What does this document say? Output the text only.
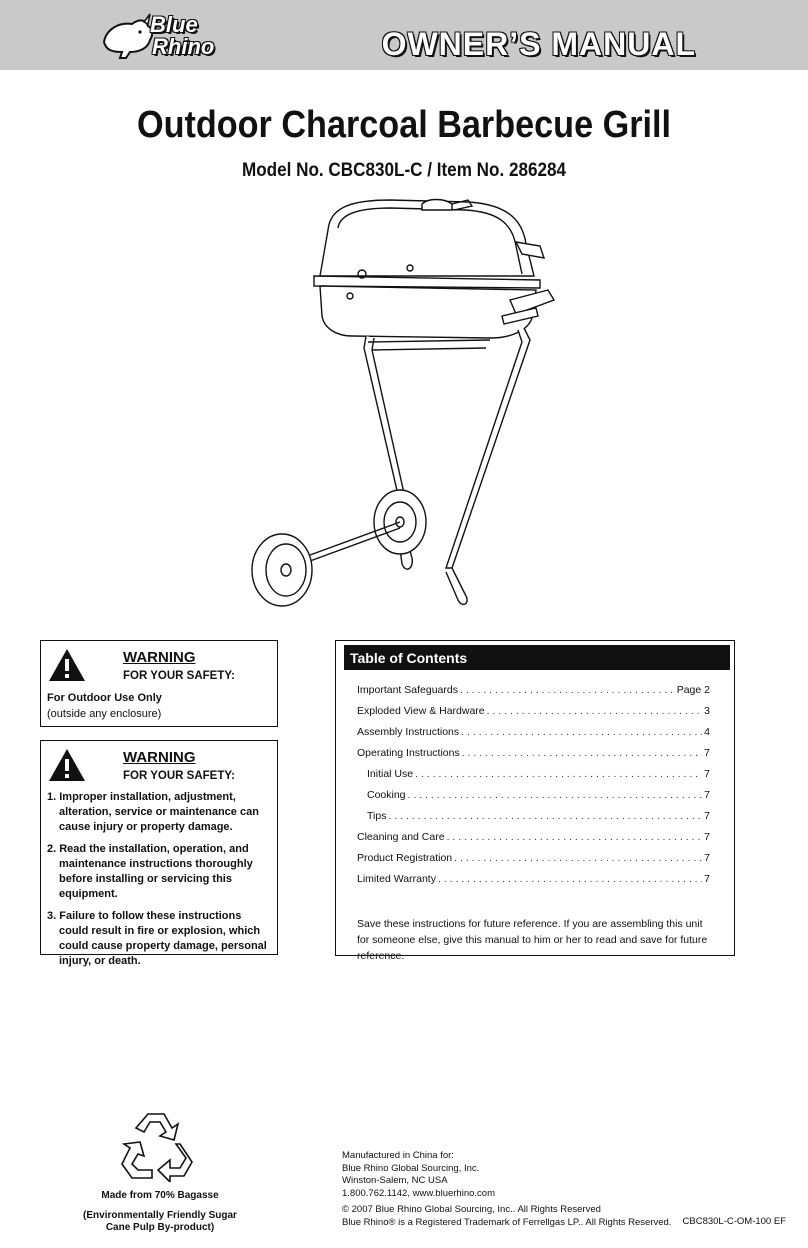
Blue
Rhino	OWNER’S MANUAL
Outdoor Charcoal Barbecue Grill
Model No. CBC830L-C / Item No. 286284
WARNING
FOR YOUR SAFETY:
For Outdoor Use Only
(outside any enclosure)
WARNING
FOR YOUR SAFETY:
1. Improper installation, adjustment, alteration, service or maintenance can cause injury or property damage.
2. Read the installation, operation, and maintenance instructions thoroughly before installing or servicing this equipment.
3. Failure to follow these instructions could result in fire or explosion, which could cause property damage, personal injury, or death.
Table of Contents
Important Safeguards . . .	Page 2
Exploded View & Hardware . . .	3
Assembly Instructions . . .	4
Operating Instructions . . .	7
Initial Use . . .	7
Cooking . . .	7
Tips . . .	7
Cleaning and Care . . .	7
Product Registration . . .	7
Limited Warranty . . .	7
Save these instructions for future reference. If you are assembling this unit for someone else, give this manual to him or her to read and save for future reference.
Made from 70% Bagasse
(Environmentally Friendly Sugar Cane Pulp By-product)
Manufactured in China for:
Blue Rhino Global Sourcing, Inc.
Winston-Salem, NC USA
1.800.762.1142, www.bluerhino.com
© 2007 Blue Rhino Global Sourcing, Inc.. All Rights Reserved
Blue Rhino® is a Registered Trademark of Ferrellgas LP.. All Rights Reserved. CBC830L-C-OM-100 EF
